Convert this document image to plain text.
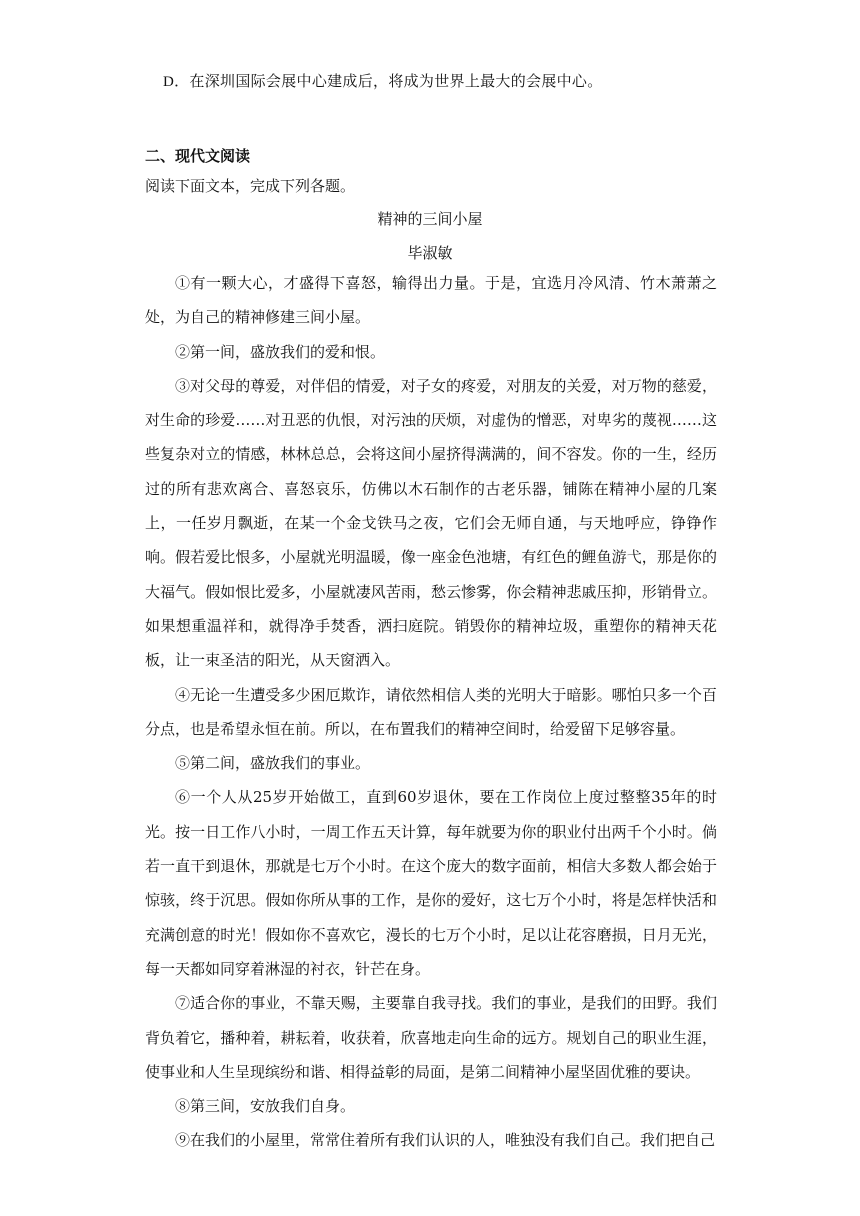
D．在深圳国际会展中心建成后，将成为世界上最大的会展中心。
二、现代文阅读
阅读下面文本，完成下列各题。
精神的三间小屋
毕淑敏

①有一颗大心，才盛得下喜怒，输得出力量。于是，宜选月冷风清、竹木萧萧之处，为自己的精神修建三间小屋。

②第一间，盛放我们的爱和恨。

③对父母的尊爱，对伴侣的情爱，对子女的疼爱，对朋友的关爱，对万物的慈爱，对生命的珍爱……对丑恶的仇恨，对污浊的厌烦，对虚伪的憎恶，对卑劣的蔑视……这些复杂对立的情感，林林总总，会将这间小屋挤得满满的，间不容发。你的一生，经历过的所有悲欢离合、喜怒哀乐，仿佛以木石制作的古老乐器，铺陈在精神小屋的几案上，一任岁月飘逝，在某一个金戈铁马之夜，它们会无师自通，与天地呼应，铮铮作响。假若爱比恨多，小屋就光明温暖，像一座金色池塘，有红色的鲤鱼游弋，那是你的大福气。假如恨比爱多，小屋就凄风苦雨，愁云惨雾，你会精神悲戚压抑，形销骨立。如果想重温祥和，就得净手焚香，洒扫庭院。销毁你的精神垃圾，重塑你的精神天花板，让一束圣洁的阳光，从天窗洒入。

④无论一生遭受多少困厄欺诈，请依然相信人类的光明大于暗影。哪怕只多一个百分点，也是希望永恒在前。所以，在布置我们的精神空间时，给爱留下足够容量。

⑤第二间，盛放我们的事业。

⑥一个人从25岁开始做工，直到60岁退休，要在工作岗位上度过整整35年的时光。按一日工作八小时，一周工作五天计算，每年就要为你的职业付出两千个小时。倘若一直干到退休，那就是七万个小时。在这个庞大的数字面前，相信大多数人都会始于惊骇，终于沉思。假如你所从事的工作，是你的爱好，这七万个小时，将是怎样快活和充满创意的时光！假如你不喜欢它，漫长的七万个小时，足以让花容磨损，日月无光，每一天都如同穿着淋湿的衬衣，针芒在身。

⑦适合你的事业，不靠天赐，主要靠自我寻找。我们的事业，是我们的田野。我们背负着它，播种着，耕耘着，收获着，欣喜地走向生命的远方。规划自己的职业生涯，使事业和人生呈现缤纷和谐、相得益彰的局面，是第二间精神小屋坚固优雅的要诀。

⑧第三间，安放我们自身。

⑨在我们的小屋里，常常住着所有我们认识的人，唯独没有我们自己。我们把自己
